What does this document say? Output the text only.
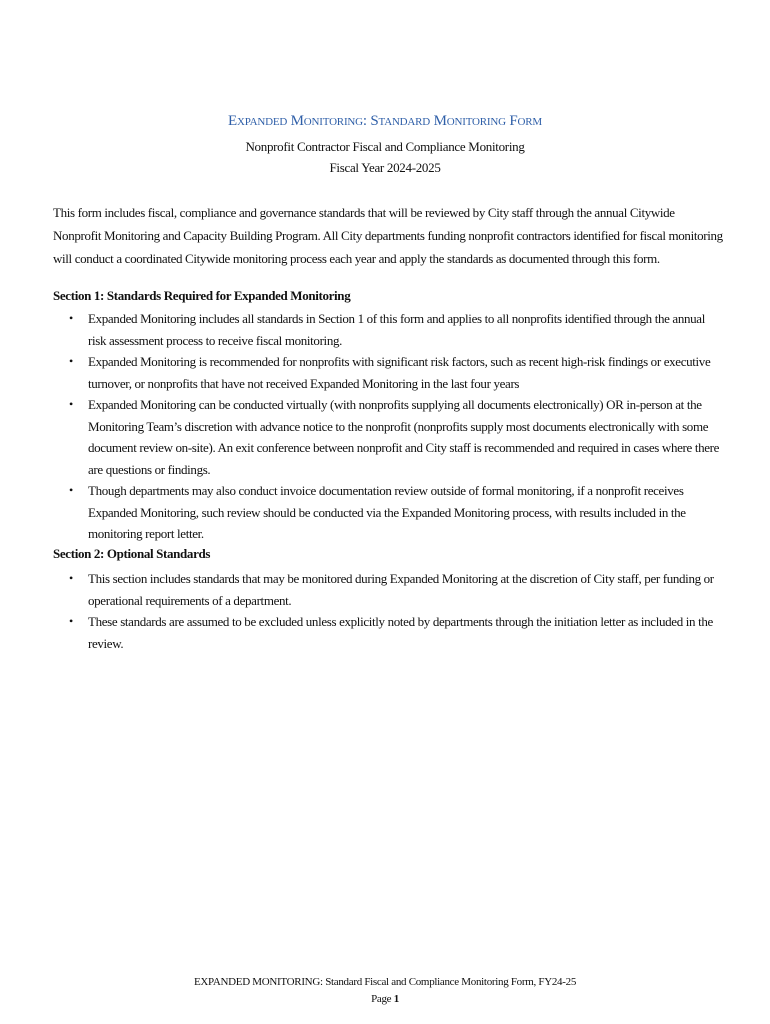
Expanded Monitoring: Standard Monitoring Form
Nonprofit Contractor Fiscal and Compliance Monitoring
Fiscal Year 2024-2025

This form includes fiscal, compliance and governance standards that will be reviewed by City staff through the annual Citywide Nonprofit Monitoring and Capacity Building Program. All City departments funding nonprofit contractors identified for fiscal monitoring will conduct a coordinated Citywide monitoring process each year and apply the standards as documented through this form.

Section 1: Standards Required for Expanded Monitoring
• Expanded Monitoring includes all standards in Section 1 of this form and applies to all nonprofits identified through the annual risk assessment process to receive fiscal monitoring.
• Expanded Monitoring is recommended for nonprofits with significant risk factors, such as recent high-risk findings or executive turnover, or nonprofits that have not received Expanded Monitoring in the last four years
• Expanded Monitoring can be conducted virtually (with nonprofits supplying all documents electronically) OR in-person at the Monitoring Team’s discretion with advance notice to the nonprofit (nonprofits supply most documents electronically with some document review on-site). An exit conference between nonprofit and City staff is recommended and required in cases where there are questions or findings.
• Though departments may also conduct invoice documentation review outside of formal monitoring, if a nonprofit receives Expanded Monitoring, such review should be conducted via the Expanded Monitoring process, with results included in the monitoring report letter.
Section 2: Optional Standards
• This section includes standards that may be monitored during Expanded Monitoring at the discretion of City staff, per funding or operational requirements of a department.
• These standards are assumed to be excluded unless explicitly noted by departments through the initiation letter as included in the review.
EXPANDED MONITORING: Standard Fiscal and Compliance Monitoring Form, FY24-25
Page 1
